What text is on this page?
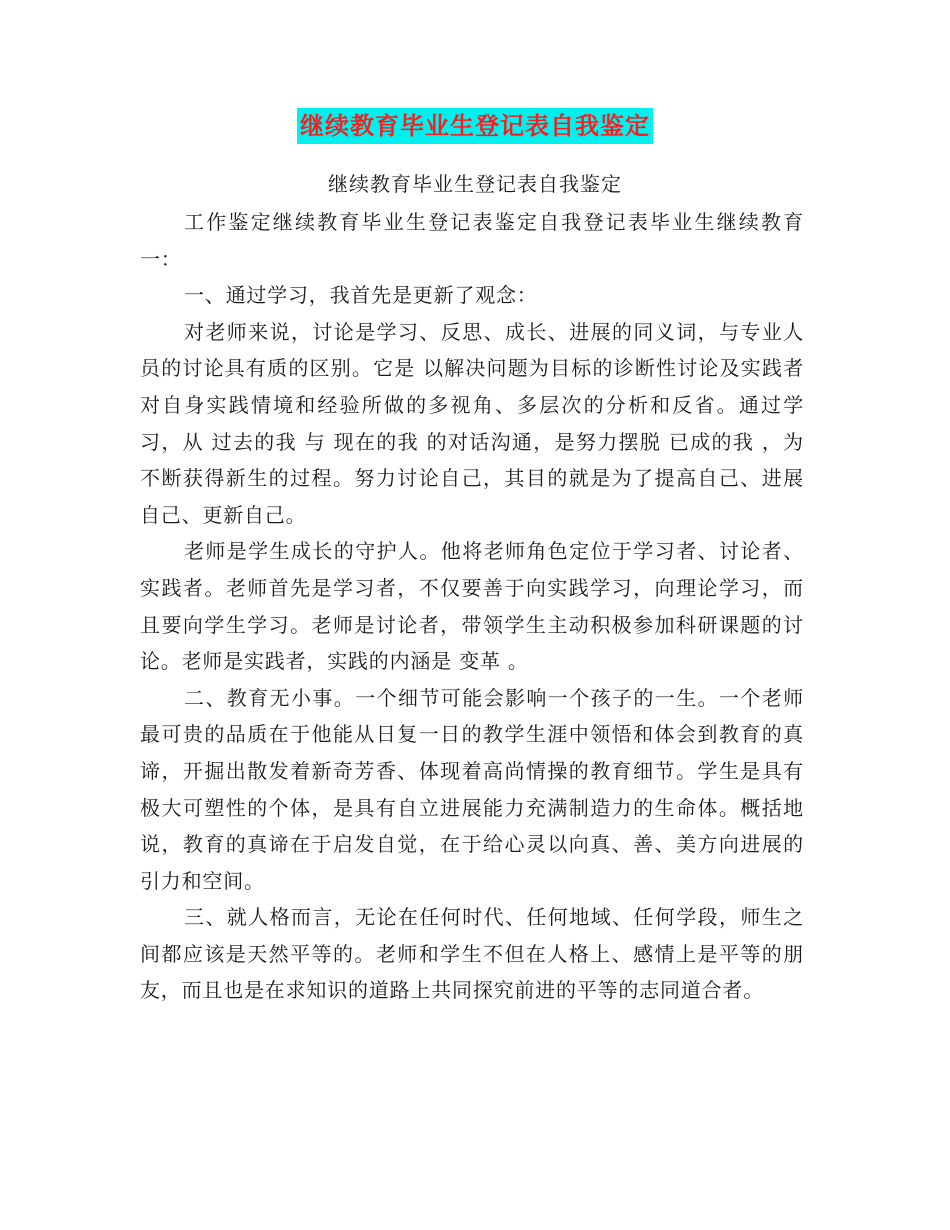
继续教育毕业生登记表自我鉴定
继续教育毕业生登记表自我鉴定

工作鉴定继续教育毕业生登记表鉴定自我登记表毕业生继续教育一：

一、通过学习，我首先是更新了观念：

对老师来说，讨论是学习、反思、成长、进展的同义词，与专业人员的讨论具有质的区别。它是 以解决问题为目标的诊断性讨论及实践者对自身实践情境和经验所做的多视角、多层次的分析和反省。通过学习，从 过去的我 与 现在的我 的对话沟通，是努力摆脱 已成的我 ，为不断获得新生的过程。努力讨论自己，其目的就是为了提高自己、进展自己、更新自己。

老师是学生成长的守护人。他将老师角色定位于学习者、讨论者、实践者。老师首先是学习者，不仅要善于向实践学习，向理论学习，而且要向学生学习。老师是讨论者，带领学生主动积极参加科研课题的讨论。老师是实践者，实践的内涵是 变革 。

二、教育无小事。一个细节可能会影响一个孩子的一生。一个老师最可贵的品质在于他能从日复一日的教学生涯中领悟和体会到教育的真谛，开掘出散发着新奇芳香、体现着高尚情操的教育细节。学生是具有极大可塑性的个体，是具有自立进展能力充满制造力的生命体。概括地说，教育的真谛在于启发自觉，在于给心灵以向真、善、美方向进展的引力和空间。

三、就人格而言，无论在任何时代、任何地域、任何学段，师生之间都应该是天然平等的。老师和学生不但在人格上、感情上是平等的朋友，而且也是在求知识的道路上共同探究前进的平等的志同道合者。
